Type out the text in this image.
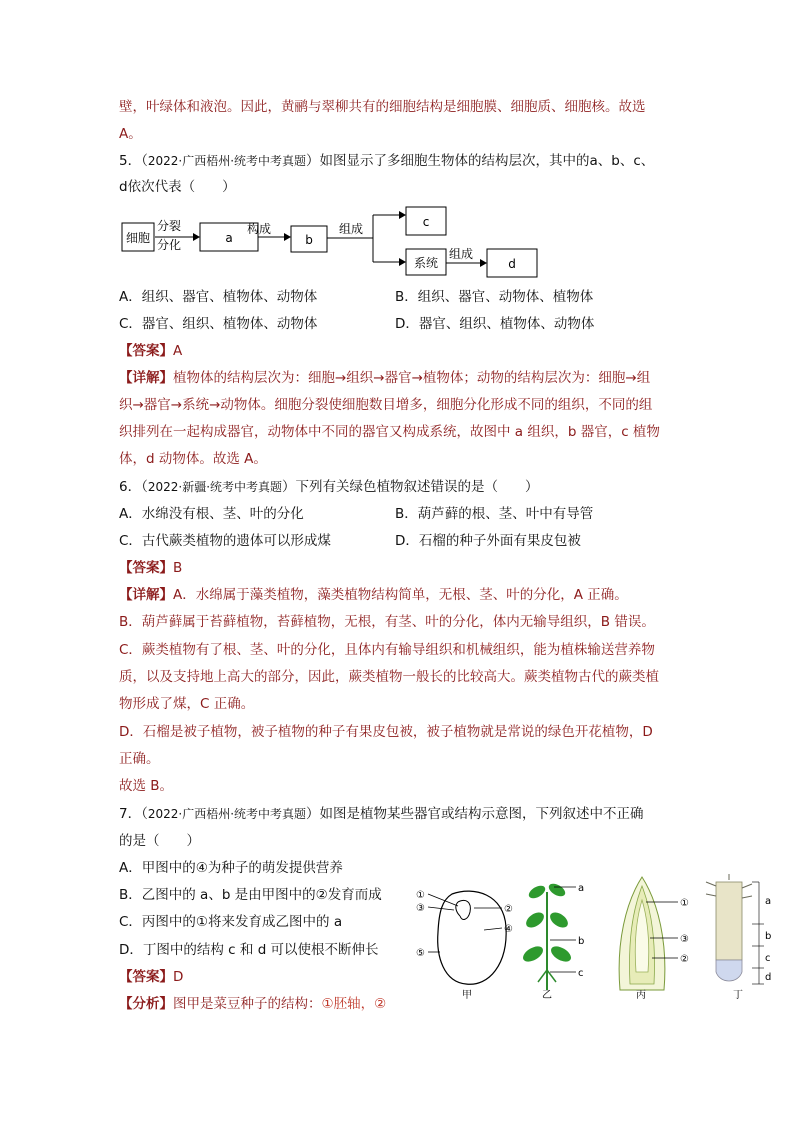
壁，叶绿体和液泡。因此，黄鹂与翠柳共有的细胞结构是细胞膜、细胞质、细胞核。故选
A。
5．（2022·广西梧州·统考中考真题）如图显示了多细胞生物体的结构层次，其中的a、b、c、
d依次代表（　　）
细胞
分裂
分化	a
构成
b
组成	c
系统
组成
d
A．组织、器官、植物体、动物体	B．组织、器官、动物体、植物体
C．器官、组织、植物体、动物体	D．器官、组织、植物体、动物体
【答案】A
【详解】植物体的结构层次为：细胞→组织→器官→植物体；动物的结构层次为：细胞→组
织→器官→系统→动物体。细胞分裂使细胞数目增多，细胞分化形成不同的组织，不同的组
织排列在一起构成器官，动物体中不同的器官又构成系统，故图中 a 组织，b 器官，c 植物
体，d 动物体。故选 A。
6．（2022·新疆·统考中考真题）下列有关绿色植物叙述错误的是（　　）
A．水绵没有根、茎、叶的分化	B．葫芦藓的根、茎、叶中有导管
C．古代蕨类植物的遗体可以形成煤	D．石榴的种子外面有果皮包被
【答案】B
【详解】A．水绵属于藻类植物，藻类植物结构简单，无根、茎、叶的分化，A 正确。
B．葫芦藓属于苔藓植物，苔藓植物，无根，有茎、叶的分化，体内无输导组织，B 错误。
C．蕨类植物有了根、茎、叶的分化，且体内有输导组织和机械组织，能为植株输送营养物
质，以及支持地上高大的部分，因此，蕨类植物一般长的比较高大。蕨类植物古代的蕨类植
物形成了煤，C 正确。
D．石榴是被子植物，被子植物的种子有果皮包被，被子植物就是常说的绿色开花植物，D
正确。
故选 B。
7．（2022·广西梧州·统考中考真题）如图是植物某些器官或结构示意图，下列叙述中不正确
的是（　　）
A．甲图中的④为种子的萌发提供营养
B．乙图中的 a、b 是由甲图中的②发育而成
C．丙图中的①将来发育成乙图中的 a
D．丁图中的结构 c 和 d 可以使根不断伸长
【答案】D
【分析】图甲是菜豆种子的结构：①胚轴，②
①
③
⑤
②
④
甲
a
b
c
乙
①
③
②
丙
a
b
c
d
丁
